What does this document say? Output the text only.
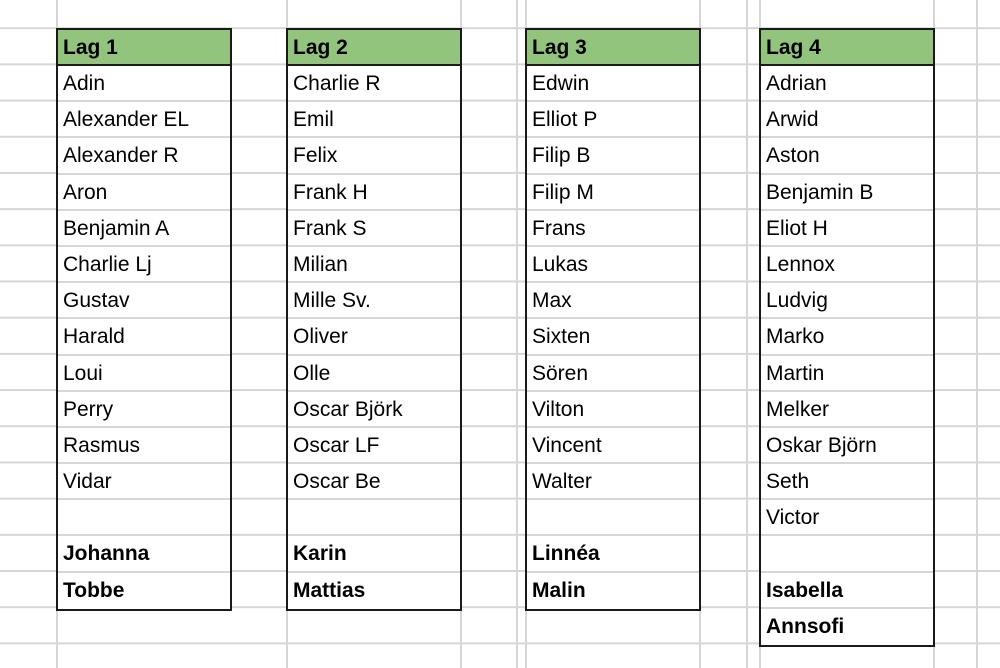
Lag 1
Adin
Alexander EL
Alexander R
Aron
Benjamin A
Charlie Lj
Gustav
Harald
Loui
Perry
Rasmus
Vidar
Johanna
Tobbe
Lag 2
Charlie R
Emil
Felix
Frank H
Frank S
Milian
Mille Sv.
Oliver
Olle
Oscar Björk
Oscar LF
Oscar Be
Karin
Mattias
Lag 3
Edwin
Elliot P
Filip B
Filip M
Frans
Lukas
Max
Sixten
Sören
Vilton
Vincent
Walter
Linnéa
Malin
Lag 4
Adrian
Arwid
Aston
Benjamin B
Eliot H
Lennox
Ludvig
Marko
Martin
Melker
Oskar Björn
Seth
Victor
Isabella
Annsofi
